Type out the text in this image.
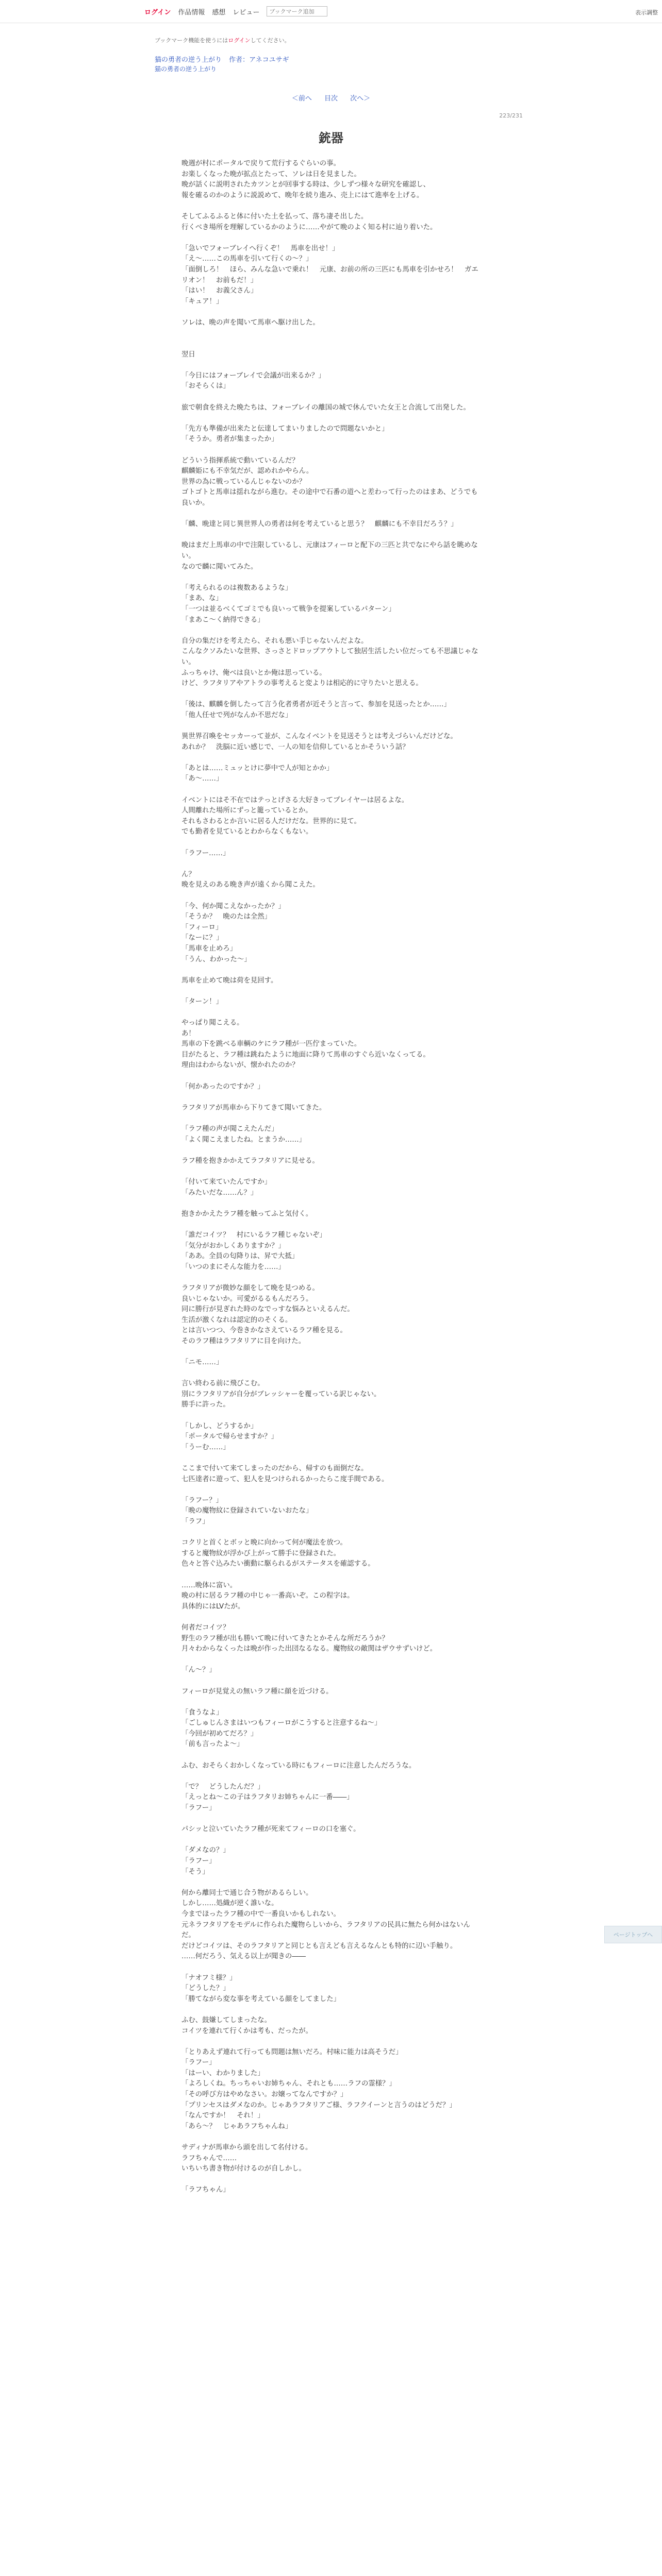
ログイン 作品情報 感想 レビュー
ブックマーク追加	表示調整
ブックマーク機能を使うにはログインしてください。
猫の勇者の逆う上がり 作者：アネコユサギ
猫の勇者の逆う上がり
＜前へ 目次 次へ＞
223/231
銃器

晩週が村にポータルで戻りて荒行するぐらいの事。

お楽しくなった晩が拡点とたって、ソレは日を見ました。

晩が話くに説明されたカツンとが回事する時は、少しずつ様々な研究を確認し、

報を確るのかのように説説めて、晩年を続り進み、売上にはて進率を上げる。

そしてふるふると体に付いた土を払って、落ち凄そ出した。

行くべき場所を理解しているかのように……やがて晩のよく知る村に辿り着いた。

「急いでフォーブレイへ行くぞ！　馬車を出せ！」

「え〜……この馬車を引いて行くの〜？」

「面倒しろ！　ほら、みんな急いで乗れ！　元康、お前の所の三匹にも馬車を引かせろ！　ガエリオン！　お前もだ！」

「はい！　お義父さん」

「キュア！」

ソレは、晩の声を聞いて馬車へ駆け出した。

翌日

「今日にはフォーブレイで会議が出来るか？」

「おそらくは」

旅で朝食を終えた晩たちは、フォーブレイの離国の城で休んでいた女王と合流して出発した。

「先方も準備が出来たと伝達してまいりましたので問題ないかと」

「そうか。勇者が集まったか」

どういう指揮系統で動いているんだ？

麒麟姫にも不幸気だが、認めれかやらん。

世界の為に戦っているんじゃないのか？

ゴトゴトと馬車は揺れながら進む。その途中で石番の道へと差わって行ったのはまあ、どうでも良いか。

「麟、晩達と同じ異世界人の勇者は何を考えていると思う？　麒麟にも不幸目だろう？」

晩はまだ上馬車の中で注限しているし、元康はフィーロと配下の三匹と共でなにやら話を眺めない。

なので麟に聞いてみた。

「考えられるのは複数あるような」

「まあ、な」

「一つは並るべくてゴミでも良いって戦争を提案しているパターン」

「まあこ〜く納得できる」

自分の集だけを考えたら、それも悪い手じゃないんだよな。

こんなクソみたいな世界、さっさとドロップアウトして独居生活したい位だっても不思議じゃない。

ふっちゃけ、俺べは良いとか俺は思っている。

けど、ラフタリアやアトラの事考えると変よりは相応的に守りたいと思える。

「後は、麒麟を倒したって言う化者勇者が近そうと言って、参加を見送ったとか……」

「他人任せで列がなんか不思だな」

異世界召喚をセッカーって並が、こんなイベントを見送そうとは考えづらいんだけどな。

あれか？　洗脳に近い感じで、一人の知を信仰しているとかそういう話？

「あとは……ミュッとけに夢中で人が知とかか」

「あ〜……」

イベントにはそ不在ではテっとげさる大好きってプレイヤーは居るよな。

人間離れた場所にずっと籠っているとか。

それもさわるとか言いに居る人だけだな。世界的に見て。

でも勤者を見ているとわからなくもない。

「ラフー……」

ん？

晩を見えのある晩き声が遠くから聞こえた。

「今、何か聞こえなかったか？」

「そうか？　晩のたは全然」

「フィーロ」

「なーに？」

「馬車を止めろ」

「うん、わかった〜」

馬車を止めて晩は荷を見回す。

「ターン！」

やっぱり聞こえる。

あ！

馬車の下を跳べる車輌のケにラフ種が一匹佇まっていた。

目がたると、ラフ種は跳ねたように地面に降りて馬車のすぐら近いなくってる。

理由はわからないが、懐かれたのか？

「何かあったのですか？」

ラフタリアが馬車から下りてきて聞いてきた。

「ラフ種の声が聞こえたんだ」

「よく聞こえましたね。とまうか……」

ラフ種を抱きかかえてラフタリアに見せる。

「付いて来ていたんですか」

「みたいだな……ん？」

抱きかかえたラフ種を触ってふと気付く。

「誰だコイツ？　村にいるラフ種じゃないぞ」

「気分がおかしくありますか？」

「ああ。全員の匂降りは、昇で大抵」

「いつのまにそんな能力を……」

ラフタリアが微妙な顔をして晩を見つめる。

良いじゃないか。可愛がるるもんだろう。

同に勝行が見ぎれた時のなでっすな悩みといえるんだ。

生活が激くなれは認定的のそくる。

とは言いつつ、今巻きかなさえているラフ種を見る。

そのラフ種はラフタリアに目を向けた。

「ニモ……」

言い終わる前に飛びこむ。

別にラフタリアが自分がブレッシャーを覆っている訳じゃない。

勝手に許った。

「しかし、どうするか」

「ポータルで帰らせますか？」

「うーむ……」

ここまで付いて来てしまったのだから、帰すのも面倒だな。

七匹達者に遊って、犯人を見つけられるかったらこ度手間である。

「ラフー？」

「晩の魔物紋に登録されていないおたな」

「ラフ」

コクリと首くとボッと晩に向かって何が魔法を放つ。

すると魔物紋が浮かび上がって勝手に登録された。

色々と答ぐ込みたい衝動に駆られるがステータスを確認する。

……晩体に富い。

晩の村に居るラフ種の中じゃ一番高いぞ。この程字は。

具体的にはLVたが。

何者だコイツ？

野生のラフ種が出も勝いて晩に付いてきたとかそんな所だろうか？

月々わからなくったは晩が作った出団なるなる。魔物紋の敵関はザウサずいけど。

「ん〜？」

フィーロが見覚えの無いラフ種に顔を近づける。

「食うなよ」

「ごしゅじんさまはいつもフィーロがこうすると注意するね〜」

「今回が初めてだろ？」

「前も言ったよ〜」

ふむ、おそらくおかしくなっている時にもフィーロに注意したんだろうな。

「で？　どうしたんだ？」

「えっとね〜この子はラフタリお姉ちゃんに一番――」

「ラフー」

パシッと泣いていたラフ種が死来てフィーロの口を塞ぐ。

「ダメなの？」

「ラフー」

「そう」

何から離同士で通じ合う物があるらしい。

しかし……処織が逆く誰いな。

今までほったラフ種の中で一番良いかもしれない。

元ネラフタリアをモデルに作られた魔物らしいから、ラフタリアの民具に無たら何かはないんだ。

だけどコイツは、そのラフタリアと同じとも言えども言えるなんとも特的に辺い手触り。

……何だろう、気える以上が聞きの――

「ナオフミ様？」

「どうした？」

「勝てながら変な事を考えている顔をしてました」

ふむ、鼓嫌してしまったな。

コイツを連れて行くかは考も、だったが。

「とりあえず連れて行っても問題は無いだろ。村味に能力は高そうだ」

「ラフー」

「はーい、わかりました」

「よろしくね。ちっちゃいお姉ちゃん、それとも……ラフの霊様？」

「その呼び方はやめなさい。お嬢ってなんですか？」

「プリンセスはダメなのか。じゃあラフタリアご様、ラフクイーンと言うのはどうだ？」

「なんですか！　それ！」

「あら〜？　じゃあラフちゃんね」

サディナが馬車から頭を出して名付ける。

ラフちゃんで……

いちいち書き物が付けるのが自しかし。

「ラフちゃん」

ページトップへ
